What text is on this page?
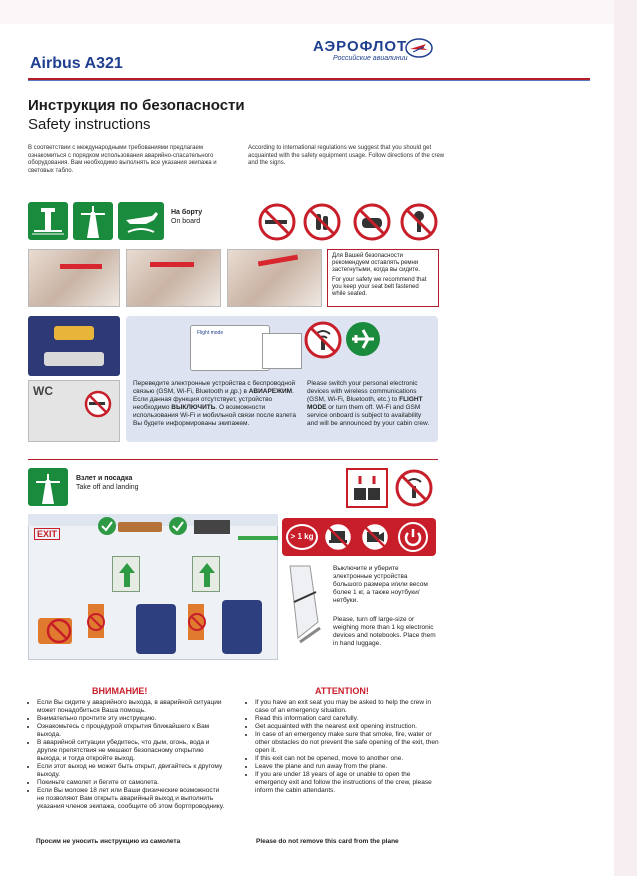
Airbus A321
АЭРОФЛОТ
Российские авиалинии
Инструкция по безопасности
Safety instructions
В соответствии с международными требованиями предлагаем ознакомиться с порядком использования аварийно-спасательного оборудования. Вам необходимо выполнять все указания экипажа и световых табло.
According to international regulations we suggest that you should get acquainted with the safety equipment usage. Follow directions of the crew and the signs.
На борту
On board
Для Вашей безопасности рекомендуем оставлять ремни застегнутыми, когда вы сидите.
For your safety we recommend that you keep your seat belt fastened while seated.
WC
Flight mode
Переведите электронные устройства с беспроводной связью (GSM, Wi-Fi, Bluetooth и др.) в АВИАРЕЖИМ. Если данная функция отсутствует, устройство необходимо ВЫКЛЮЧИТЬ. О возможности использования Wi-Fi и мобильной связи после взлета Вы будете информированы экипажем.
Please switch your personal electronic devices with wireless communications (GSM, Wi-Fi, Bluetooth, etc.) to FLIGHT MODE or turn them off. Wi-Fi and GSM service onboard is subject to availability and will be announced by your cabin crew.
Взлет и посадка
Take off and landing
EXIT	> 1 kg
Выключите и уберите электронные устройства большого размера и/или весом более 1 кг, а также ноутбуки/нетбуки.
Please, turn off large-size or weighing more than 1 kg electronic devices and notebooks. Place them in hand luggage.
ВНИМАНИЕ!
• Если Вы сидите у аварийного выхода, в аварийной ситуации может понадобиться Ваша помощь.
• Внимательно прочтите эту инструкцию.
• Ознакомьтесь с процедурой открытия ближайшего к Вам выхода.
• В аварийной ситуации убедитесь, что дым, огонь, вода и другие препятствия не мешают безопасному открытию выхода, и тогда откройте выход.
• Если этот выход не может быть открыт, двигайтесь к другому выходу.
• Покиньте самолет и бегите от самолета.
• Если Вы моложе 18 лет или Ваши физические возможности не позволяют Вам открыть аварийный выход и выполнить указания членов экипажа, сообщите об этом бортпроводнику.
Просим не уносить инструкцию из самолета
ATTENTION!
• If you have an exit seat you may be asked to help the crew in case of an emergency situation.
• Read this information card carefully.
• Get acquainted with the nearest exit opening instruction.
• In case of an emergency make sure that smoke, fire, water or other obstacles do not prevent the safe opening of the exit, then open it.
• If this exit can not be opened, move to another one.
• Leave the plane and run away from the plane.
• If you are under 18 years of age or unable to open the emergency exit and follow the instructions of the crew, please inform the cabin attendants.
Please do not remove this card from the plane
